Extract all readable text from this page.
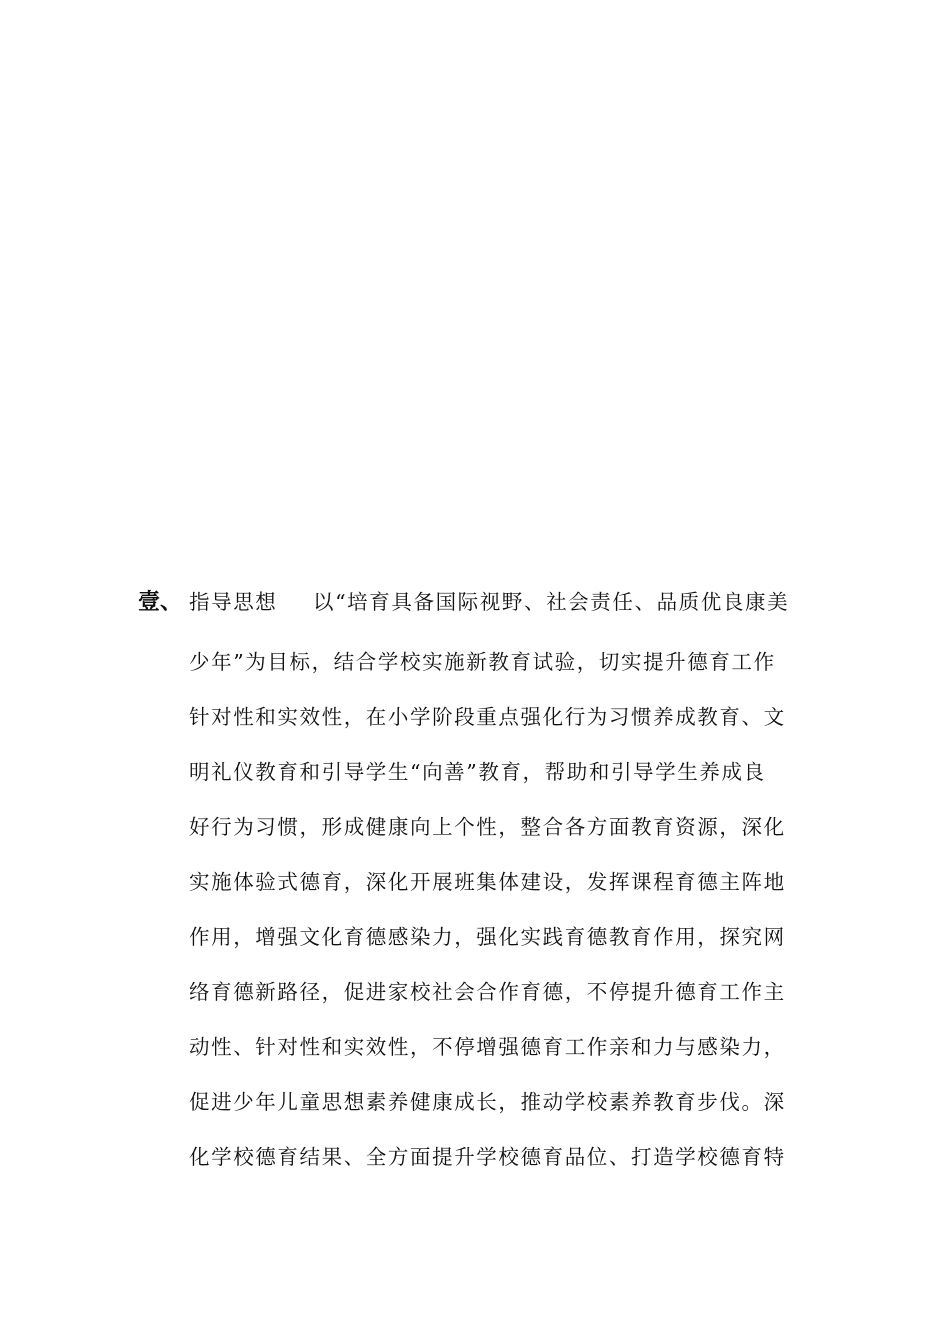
壹、 指导思想 以“培育具备国际视野、社会责任、品质优良康美
少年”为目标，结合学校实施新教育试验，切实提升德育工作
针对性和实效性，在小学阶段重点强化行为习惯养成教育、文
明礼仪教育和引导学生“向善”教育，帮助和引导学生养成良
好行为习惯，形成健康向上个性，整合各方面教育资源，深化
实施体验式德育，深化开展班集体建设，发挥课程育德主阵地
作用，增强文化育德感染力，强化实践育德教育作用，探究网
络育德新路径，促进家校社会合作育德，不停提升德育工作主
动性、针对性和实效性，不停增强德育工作亲和力与感染力，
促进少年儿童思想素养健康成长，推动学校素养教育步伐。深
化学校德育结果、全方面提升学校德育品位、打造学校德育特
